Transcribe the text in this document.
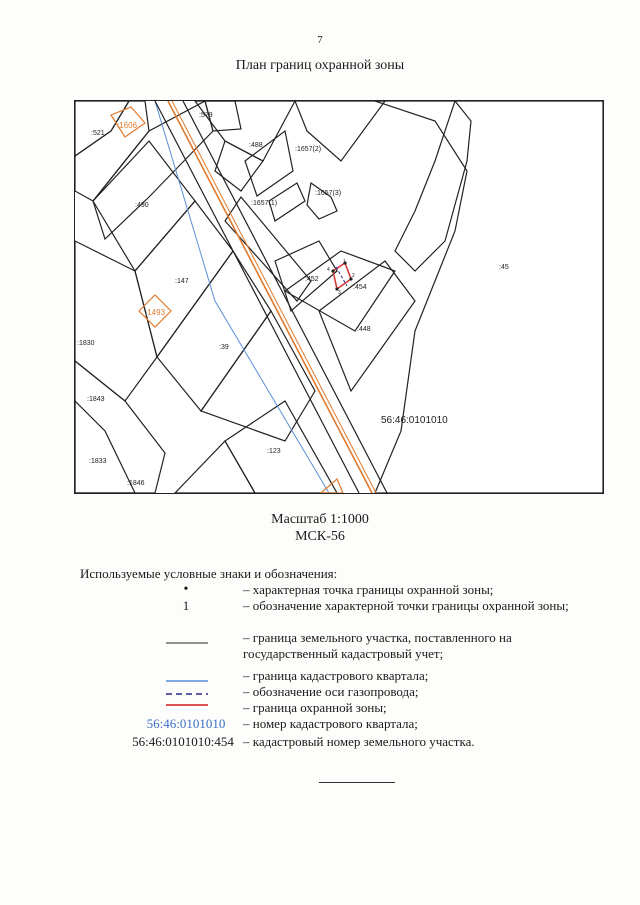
7
План границ охранной зоны
:521
:1606
:579
:488
:1657(2)
:1657(1)
:1657(3)
:490
:147
:1493
:452
:454
:448
:45
:39
:1830
:1843
:1833
:1846
:123
1
2
3
4
56:46:0101010
Масштаб 1:1000
МСК-56
Используемые условные знаки и обозначения:
•	– характерная точка границы охранной зоны;
1	– обозначение характерной точки границы охранной зоны;
– граница земельного участка, поставленного на государственный кадастровый учет;
– граница кадастрового квартала;
– обозначение оси газопровода;
– граница охранной зоны;
56:46:0101010	– номер кадастрового квартала;
56:46:0101010:454 – кадастровый номер земельного участка.
